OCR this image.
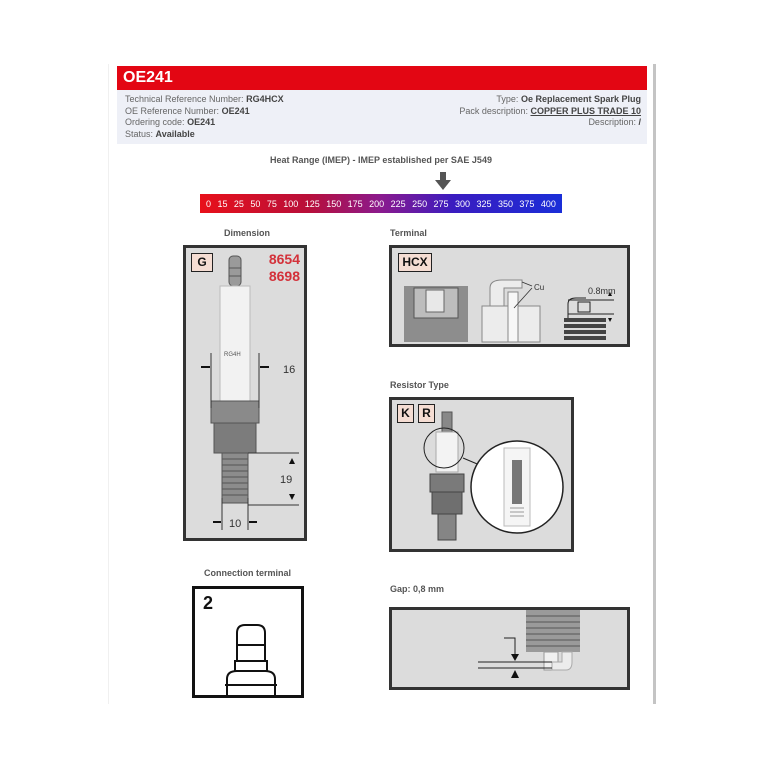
OE241
Technical Reference Number: RG4HCX
OE Reference Number: OE241
Ordering code: OE241
Status: Available
Type: Oe Replacement Spark Plug
Pack description: COPPER PLUS TRADE 10
Description: /
Heat Range (IMEP) - IMEP established per SAE J549
0 15 25 50 75 100 125 150 175 200 225 250 275 300 325 350 375 400
Dimension
G	8654
8698
RG4H
16
19
10
Terminal
HCX
Cu	0.8mm
Resistor Type
K	R
Connection terminal
2
Gap: 0,8 mm
